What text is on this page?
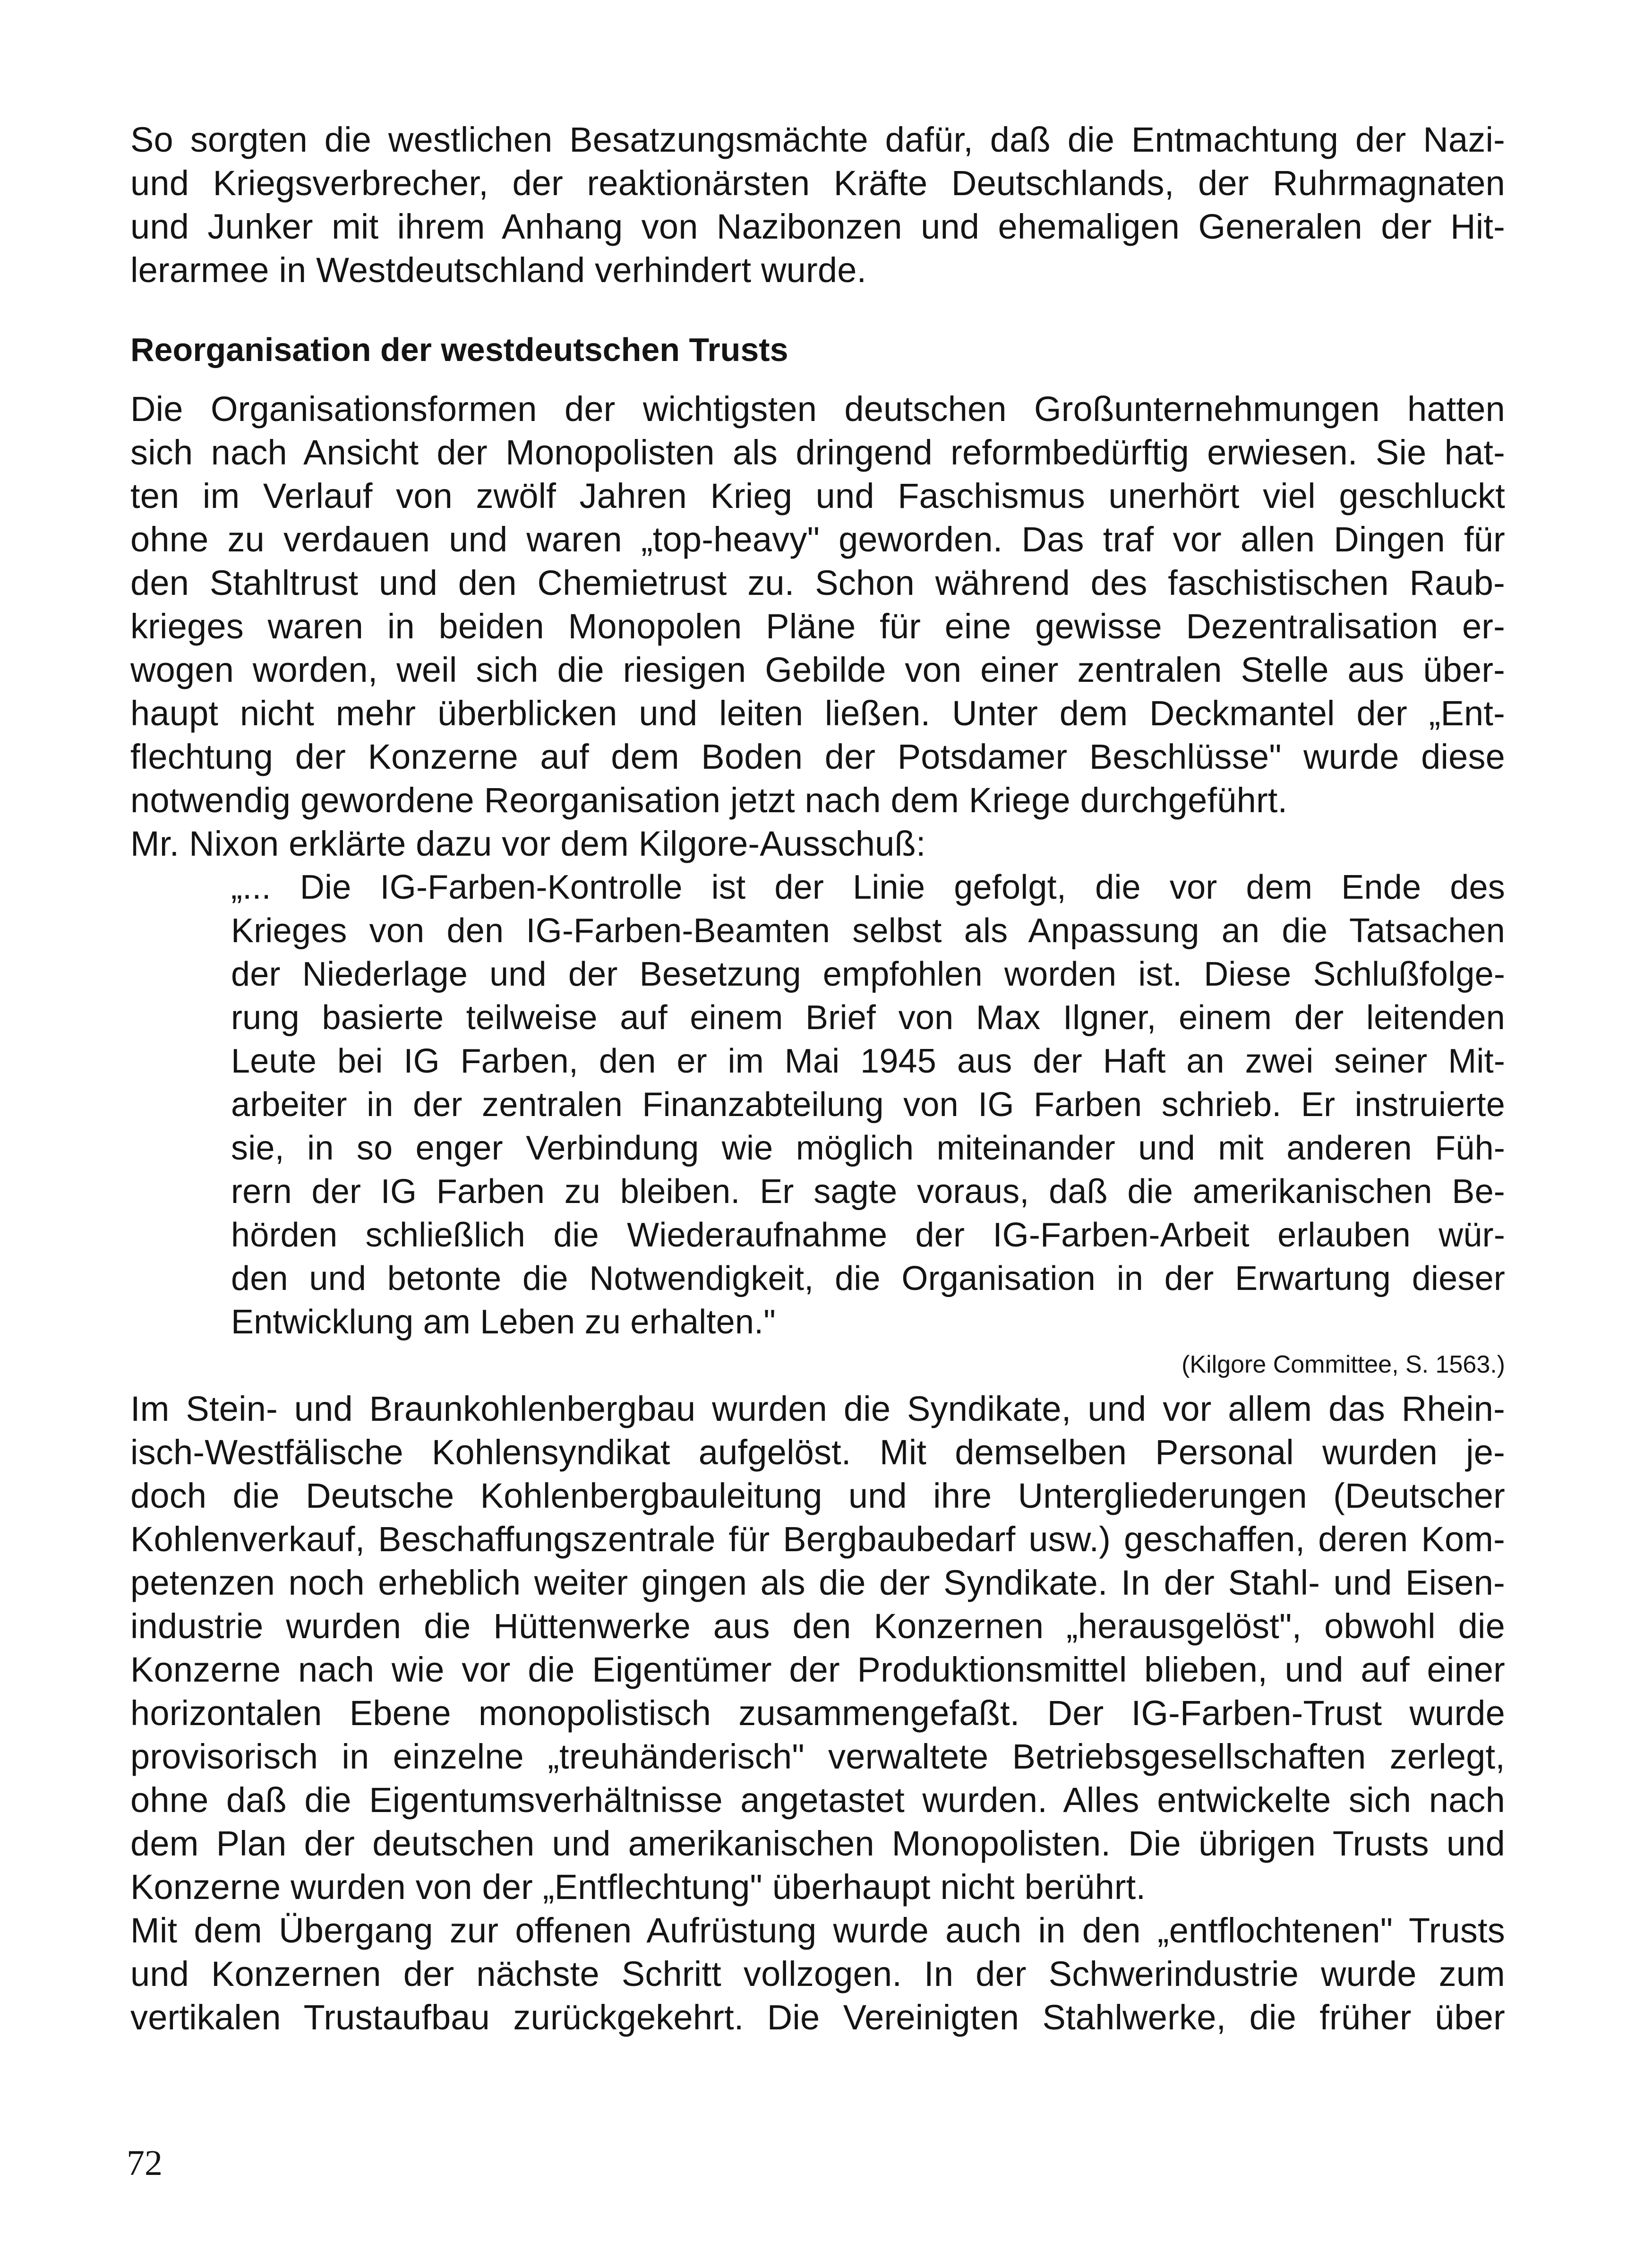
So sorgten die westlichen Besatzungsmächte dafür, daß die Entmachtung der Nazi-
und Kriegsverbrecher, der reaktionärsten Kräfte Deutschlands, der Ruhrmagnaten
und Junker mit ihrem Anhang von Nazibonzen und ehemaligen Generalen der Hit-
lerarmee in Westdeutschland verhindert wurde.
Reorganisation der westdeutschen Trusts
Die Organisationsformen der wichtigsten deutschen Großunternehmungen hatten
sich nach Ansicht der Monopolisten als dringend reformbedürftig erwiesen. Sie hat-
ten im Verlauf von zwölf Jahren Krieg und Faschismus unerhört viel geschluckt
ohne zu verdauen und waren „top-heavy" geworden. Das traf vor allen Dingen für
den Stahltrust und den Chemietrust zu. Schon während des faschistischen Raub-
krieges waren in beiden Monopolen Pläne für eine gewisse Dezentralisation er-
wogen worden, weil sich die riesigen Gebilde von einer zentralen Stelle aus über-
haupt nicht mehr überblicken und leiten ließen. Unter dem Deckmantel der „Ent-
flechtung der Konzerne auf dem Boden der Potsdamer Beschlüsse" wurde diese
notwendig gewordene Reorganisation jetzt nach dem Kriege durchgeführt.
Mr. Nixon erklärte dazu vor dem Kilgore-Ausschuß:
„... Die IG-Farben-Kontrolle ist der Linie gefolgt, die vor dem Ende des
Krieges von den IG-Farben-Beamten selbst als Anpassung an die Tatsachen
der Niederlage und der Besetzung empfohlen worden ist. Diese Schlußfolge-
rung basierte teilweise auf einem Brief von Max Ilgner, einem der leitenden
Leute bei IG Farben, den er im Mai 1945 aus der Haft an zwei seiner Mit-
arbeiter in der zentralen Finanzabteilung von IG Farben schrieb. Er instruierte
sie, in so enger Verbindung wie möglich miteinander und mit anderen Füh-
rern der IG Farben zu bleiben. Er sagte voraus, daß die amerikanischen Be-
hörden schließlich die Wiederaufnahme der IG-Farben-Arbeit erlauben wür-
den und betonte die Notwendigkeit, die Organisation in der Erwartung dieser
Entwicklung am Leben zu erhalten."
(Kilgore Committee, S. 1563.)
Im Stein- und Braunkohlenbergbau wurden die Syndikate, und vor allem das Rhein-
isch-Westfälische Kohlensyndikat aufgelöst. Mit demselben Personal wurden je-
doch die Deutsche Kohlenbergbauleitung und ihre Untergliederungen (Deutscher
Kohlenverkauf, Beschaffungszentrale für Bergbaubedarf usw.) geschaffen, deren Kom-
petenzen noch erheblich weiter gingen als die der Syndikate. In der Stahl- und Eisen-
industrie wurden die Hüttenwerke aus den Konzernen „herausgelöst", obwohl die
Konzerne nach wie vor die Eigentümer der Produktionsmittel blieben, und auf einer
horizontalen Ebene monopolistisch zusammengefaßt. Der IG-Farben-Trust wurde
provisorisch in einzelne „treuhänderisch" verwaltete Betriebsgesellschaften zerlegt,
ohne daß die Eigentumsverhältnisse angetastet wurden. Alles entwickelte sich nach
dem Plan der deutschen und amerikanischen Monopolisten. Die übrigen Trusts und
Konzerne wurden von der „Entflechtung" überhaupt nicht berührt.
Mit dem Übergang zur offenen Aufrüstung wurde auch in den „entflochtenen" Trusts
und Konzernen der nächste Schritt vollzogen. In der Schwerindustrie wurde zum
vertikalen Trustaufbau zurückgekehrt. Die Vereinigten Stahlwerke, die früher über
72
